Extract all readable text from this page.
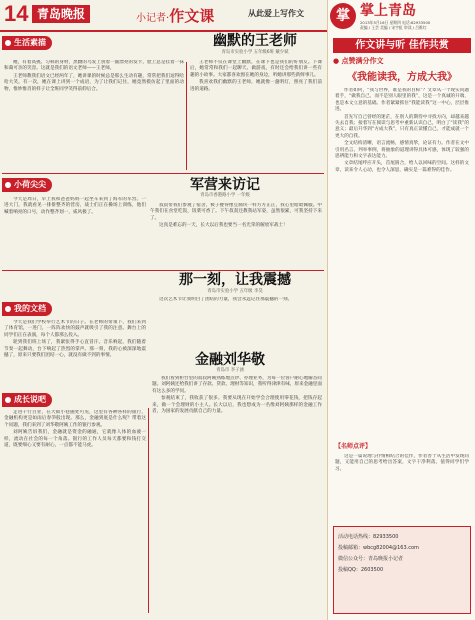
14 青岛晚报	小记者·作文课	从此爱上写作文
生活素描	幽默的王老师
青岛市实验小学 五年级6班 戴少斌

她，有着高挑、匀称的身材，黑黝的乌发上别着一副漂亮的发卡，脸上总是挂着一抹和蔼可亲的笑容。这就是我们的语文老师——王老师。

王老师教我们语文已经两年了，她讲课的时候总是那么生动有趣，常常把我们逗得哈哈大笑。有一次，她在课上讲到一个成语，为了让我们记住，她竟然模仿起了里面的动物，惟妙惟肖的样子让全班同学笑得前仰后合。

王老师不仅在课堂上幽默，在课下也是我们的好朋友。下课后，她常常和我们一起聊天、做游戏，有时还会给我们讲一些有趣的小故事。大家都喜欢围在她的身边，听她讲那些新鲜事儿。

我喜欢我们幽默的王老师，她就像一盏明灯，照亮了我们前进的道路。

小荷尖尖	军营来访记
青岛市香港路小学 一年级

今天是周日，早上我和爸爸妈妈一起坐车来到了海军的军营。一进大门，我就看见一排排整齐的营房，战士们正在操场上训练，他们喊着响亮的口号，动作整齐划一，威风极了。

叔叔带我们参观了宿舍，被子叠得像豆腐块一样方方正正，我心里暗暗佩服。中午我们在食堂吃饭，饭菜可香了。下午叔叔还教我站军姿，虽然很累，可我坚持下来了。

这真是难忘的一天，长大以后我也要当一名光荣的解放军战士！

我的文档
那一刻，让我震撼
青岛市实验小学 五年级 李昊

今天是我们学校举行艺术节的日子。在老师的带领下，我们来到了体育馆，一进门，一阵阵欢快的鼓声就吸引了我的注意。舞台上的同学们正在表演，每个人都那么投入。

轮到我们班上场了，我紧张得手心直冒汗。音乐响起，我们随着节奏一起舞动，台下响起了热烈的掌声。那一刻，我的心被深深地震撼了，原来只要我们团结一心，就没有做不到的事情。

这次艺术节让我明白了团结的力量，我会永远记住那震撼的一刻。

成长说吧
金融刘华敬
青岛市 李子涵

走进千行百业，在大街小巷随处可见，这里有各种各样的银行，金融机构更是如雨后春笋般出现。那么，金融到底是什么呢？带着这个问题，我们来到了刘华敬阿姨工作的银行参观。

刘阿姨告诉我们，金融就是资金的融通，它就像人体的血液一样，流动在社会的每一个角落。银行的工作人员每天都要和钱打交道，既要细心又要有耐心，一点都不能马虎。

我们看到柜台里的叔叔阿姨熟练地点钞、办理业务，为每一位客户耐心地解答问题。刘阿姨还给我们讲了存款、贷款、理财等知识，我听得津津有味，原来金融里面有这么多的学问。

参观结束了，我收获了很多。我要从现在开始学会合理使用零花钱，把钱存起来，做一个会理财的小主人。长大以后，我也想成为一名像刘阿姨那样的金融工作者，为国家的发展贡献自己的力量。

掌 掌上青岛
2013年5月16日 星期四 电话:82933500
责编 / 王芸 美编 / 宋宇虹 审读 / 吕维红
作文讲与听 佳作共赏
● 点赞满分作文
《我能读我，方成大我》

作者如何，“我与世界，谁是我的目标”？文章从一个现实问题着手，“做我自己，而不是别人眼里的我”，这是一个真诚的开端，也是本文立意的基础。作者紧紧抓住“我能读我”这一中心，层层推进。

首先写自己曾经的迷茫，在别人的期待中寻找方向，却越来越失去自我；接着写在阅读与思考中重新认识自己，明白了“读我”的意义；最后升华到“方成大我”，只有真正读懂自己，才能成就一个更大的自我。

全文结构清晰，语言流畅，感情真挚，论证有力。作者在文中引用名言、列举事例，将抽象的道理讲得具体可感，体现了较强的思辨能力和文字表达能力。

文章结尾呼应开头，首尾圆合，给人以回味的空间。这样的文章，读来令人心动，也令人深思，确实是一篇难得的佳作。

【名师点评】

这是一篇说理与抒情相结合的佳作，作者善于从生活中发现问题，又能用自己的思考给出答案，文字干净利落，值得同学们学习。

活动电话热线：82933500
投稿邮箱：wbcg82004@163.com
微信公众号：青岛晚报小记者
投稿QQ：2603500
